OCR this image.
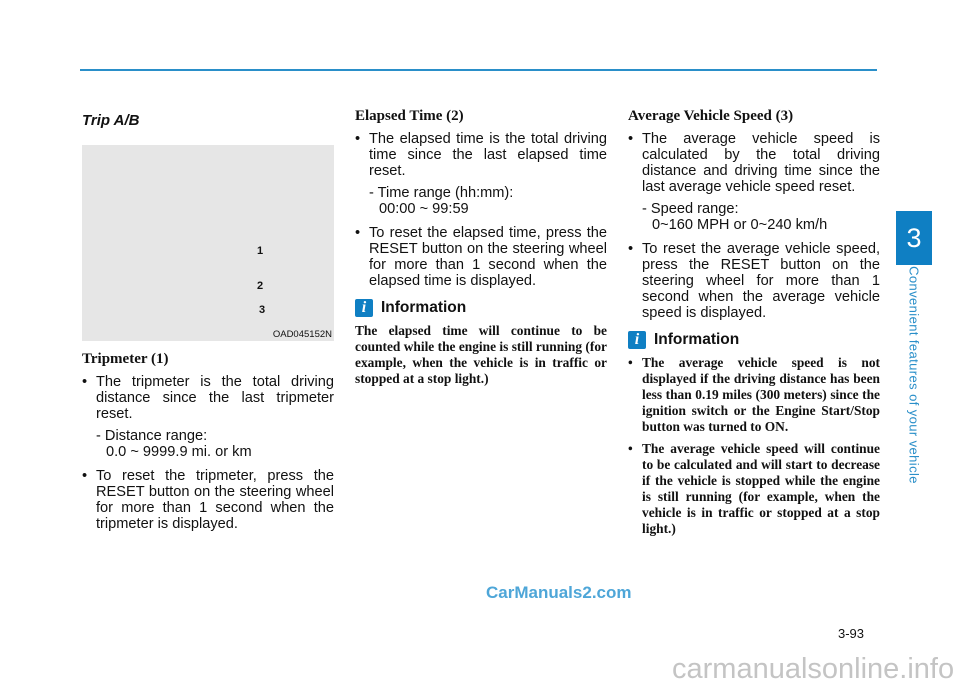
3
Convenient features of your vehicle
Trip A/B
1
2
3
OAD045152N
Tripmeter (1)
• The tripmeter is the total driving distance since the last tripmeter reset.
- Distance range:
0.0 ~ 9999.9 mi. or km
• To reset the tripmeter, press the RESET button on the steering wheel for more than 1 second when the tripmeter is displayed.
Elapsed Time (2)
• The elapsed time is the total driving time since the last elapsed time reset.
- Time range (hh:mm):
00:00 ~ 99:59
• To reset the elapsed time, press the RESET button on the steering wheel for more than 1 second when the elapsed time is displayed.
i Information

The elapsed time will continue to be counted while the engine is still running (for example, when the vehicle is in traffic or stopped at a stop light.)

Average Vehicle Speed (3)
• The average vehicle speed is calculated by the total driving distance and driving time since the last average vehicle speed reset.
- Speed range:
0~160 MPH or 0~240 km/h
• To reset the average vehicle speed, press the RESET button on the steering wheel for more than 1 second when the average vehicle speed is displayed.
i Information
• The average vehicle speed is not displayed if the driving distance has been less than 0.19 miles (300 meters) since the ignition switch or the Engine Start/Stop button was turned to ON.
• The average vehicle speed will continue to be calculated and will start to decrease if the vehicle is stopped while the engine is still running (for example, when the vehicle is in traffic or stopped at a stop light.)
CarManuals2.com
3-93
carmanualsonline.info
